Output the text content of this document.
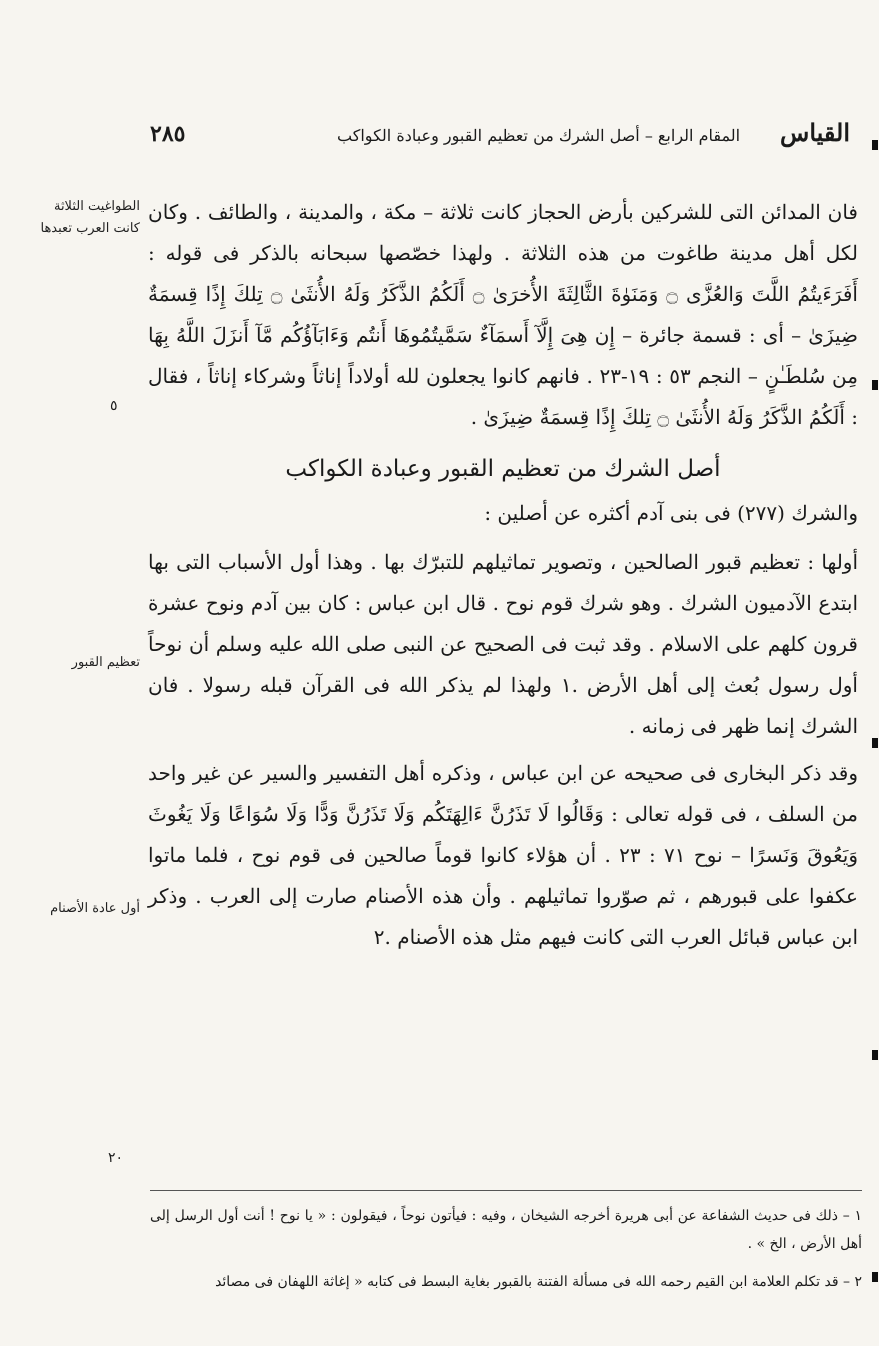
القياس
المقام الرابع – أصل الشرك من تعظيم القبور وعبادة الكواكب
٢٨٥
الطواغيت الثلاثة كانت العرب تعبدها
تعظيم القبور
أول عادة الأصنام
٥
٢٠

فان المدائن التى للشركين بأرض الحجاز كانت ثلاثة – مكة ، والمدينة ، والطائف . وكان لكل أهل مدينة طاغوت من هذه الثلاثة . ولهذا خصّصها سبحانه بالذكر فى قوله : أَفَرَءَيتُمُ اللَّتَ وَالعُزَّى ۝ وَمَنَوٰةَ الثَّالِثَةَ الأُخرَىٰ ۝ أَلَكُمُ الذَّكَرُ وَلَهُ الأُنثَىٰ ۝ تِلكَ إِذًا قِسمَةٌ ضِيزَىٰ – أى : قسمة جائرة – إِن هِىَ إِلَّآ أَسمَآءٌ سَمَّيتُمُوهَا أَنتُم وَءَابَآؤُكُم مَّآ أَنزَلَ اللَّهُ بِهَا مِن سُلطَـٰنٍ – النجم ٥٣ : ١٩-٢٣ . فانهم كانوا يجعلون لله أولاداً إناثاً وشركاء إناثاً ، فقال : أَلَكُمُ الذَّكَرُ وَلَهُ الأُنثَىٰ ۝ تِلكَ إِذًا قِسمَةٌ ضِيزَىٰ .

أصل الشرك من تعظيم القبور وعبادة الكواكب

والشرك (٢٧٧) فى بنى آدم أكثره عن أصلين :

أولها : تعظيم قبور الصالحين ، وتصوير تماثيلهم للتبرّك بها . وهذا أول الأسباب التى بها ابتدع الآدميون الشرك . وهو شرك قوم نوح . قال ابن عباس : كان بين آدم ونوح عشرة قرون كلهم على الاسلام . وقد ثبت فى الصحيح عن النبى صلى الله عليه وسلم أن نوحاً أول رسول بُعث إلى أهل الأرض .١ ولهذا لم يذكر الله فى القرآن قبله رسولا . فان الشرك إنما ظهر فى زمانه .

وقد ذكر البخارى فى صحيحه عن ابن عباس ، وذكره أهل التفسير والسير عن غير واحد من السلف ، فى قوله تعالى : وَقَالُوا لَا تَذَرُنَّ ءَالِهَتَكُم وَلَا تَذَرُنَّ وَدًّا وَلَا سُوَاعًا وَلَا يَغُوثَ وَيَعُوقَ وَنَسرًا – نوح ٧١ : ٢٣ . أن هؤلاء كانوا قوماً صالحين فى قوم نوح ، فلما ماتوا عكفوا على قبورهم ، ثم صوّروا تماثيلهم . وأن هذه الأصنام صارت إلى العرب . وذكر ابن عباس قبائل العرب التى كانت فيهم مثل هذه الأصنام .٢

١ – ذلك فى حديث الشفاعة عن أبى هريرة أخرجه الشيخان ، وفيه : فيأتون نوحاً ، فيقولون : « يا نوح ! أنت أول الرسل إلى أهل الأرض ، الخ » .

٢ – قد تكلم العلامة ابن القيم رحمه الله فى مسألة الفتنة بالقبور بغاية البسط فى كتابه « إغاثة اللهفان فى مصائد
